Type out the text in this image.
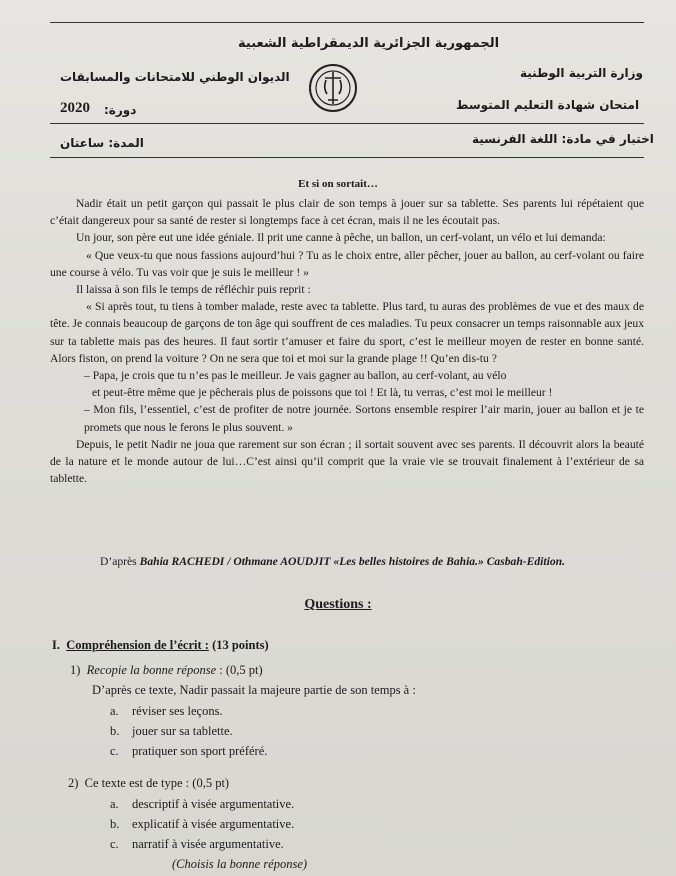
الجمهورية الجزائرية الديمقراطية الشعبية
الديوان الوطني للامتحانات والمسابقات	وزارة التربية الوطنية
2020 دورة:	امتحان شهادة التعليم المتوسط
المدة: ساعتان	اختبار في مادة: اللغة الفرنسية
Et si on sortait…

Nadir était un petit garçon qui passait le plus clair de son temps à jouer sur sa tablette. Ses parents lui répétaient que c’était dangereux pour sa santé de rester si longtemps face à cet écran, mais il ne les écoutait pas.

Un jour, son père eut une idée géniale. Il prit une canne à pêche, un ballon, un cerf-volant, un vélo et lui demanda:

« Que veux-tu que nous fassions aujourd’hui ? Tu as le choix entre, aller pêcher, jouer au ballon, au cerf-volant ou faire une course à vélo. Tu vas voir que je suis le meilleur ! »

Il laissa à son fils le temps de réfléchir puis reprit :

« Si après tout, tu tiens à tomber malade, reste avec ta tablette. Plus tard, tu auras des problèmes de vue et des maux de tête. Je connais beaucoup de garçons de ton âge qui souffrent de ces maladies. Tu peux consacrer un temps raisonnable aux jeux sur ta tablette mais pas des heures. Il faut sortir t’amuser et faire du sport, c’est le meilleur moyen de rester en bonne santé. Alors fiston, on prend la voiture ? On ne sera que toi et moi sur la grande plage !! Qu’en dis-tu ?

– Papa, je crois que tu n’es pas le meilleur. Je vais gagner au ballon, au cerf-volant, au vélo

et peut-être même que je pêcherais plus de poissons que toi ! Et là, tu verras, c’est moi le meilleur !

– Mon fils, l’essentiel, c’est de profiter de notre journée. Sortons ensemble respirer l’air marin, jouer au ballon et je te promets que nous le ferons le plus souvent. »

Depuis, le petit Nadir ne joua que rarement sur son écran ; il sortait souvent avec ses parents. Il découvrit alors la beauté de la nature et le monde autour de lui…C’est ainsi qu’il comprit que la vraie vie se trouvait finalement à l’extérieur de sa tablette.

D’après Bahia RACHEDI / Othmane AOUDJIT «Les belles histoires de Bahia.» Casbah-Edition.
Questions :
I. Compréhension de l’écrit : (13 points)
1) Recopie la bonne réponse : (0,5 pt)
D’après ce texte, Nadir passait la majeure partie de son temps à :
a. réviser ses leçons.
b. jouer sur sa tablette.
c. pratiquer son sport préféré.
2) Ce texte est de type : (0,5 pt)
a. descriptif à visée argumentative.
b. explicatif à visée argumentative.
c. narratif à visée argumentative.
(Choisis la bonne réponse)
